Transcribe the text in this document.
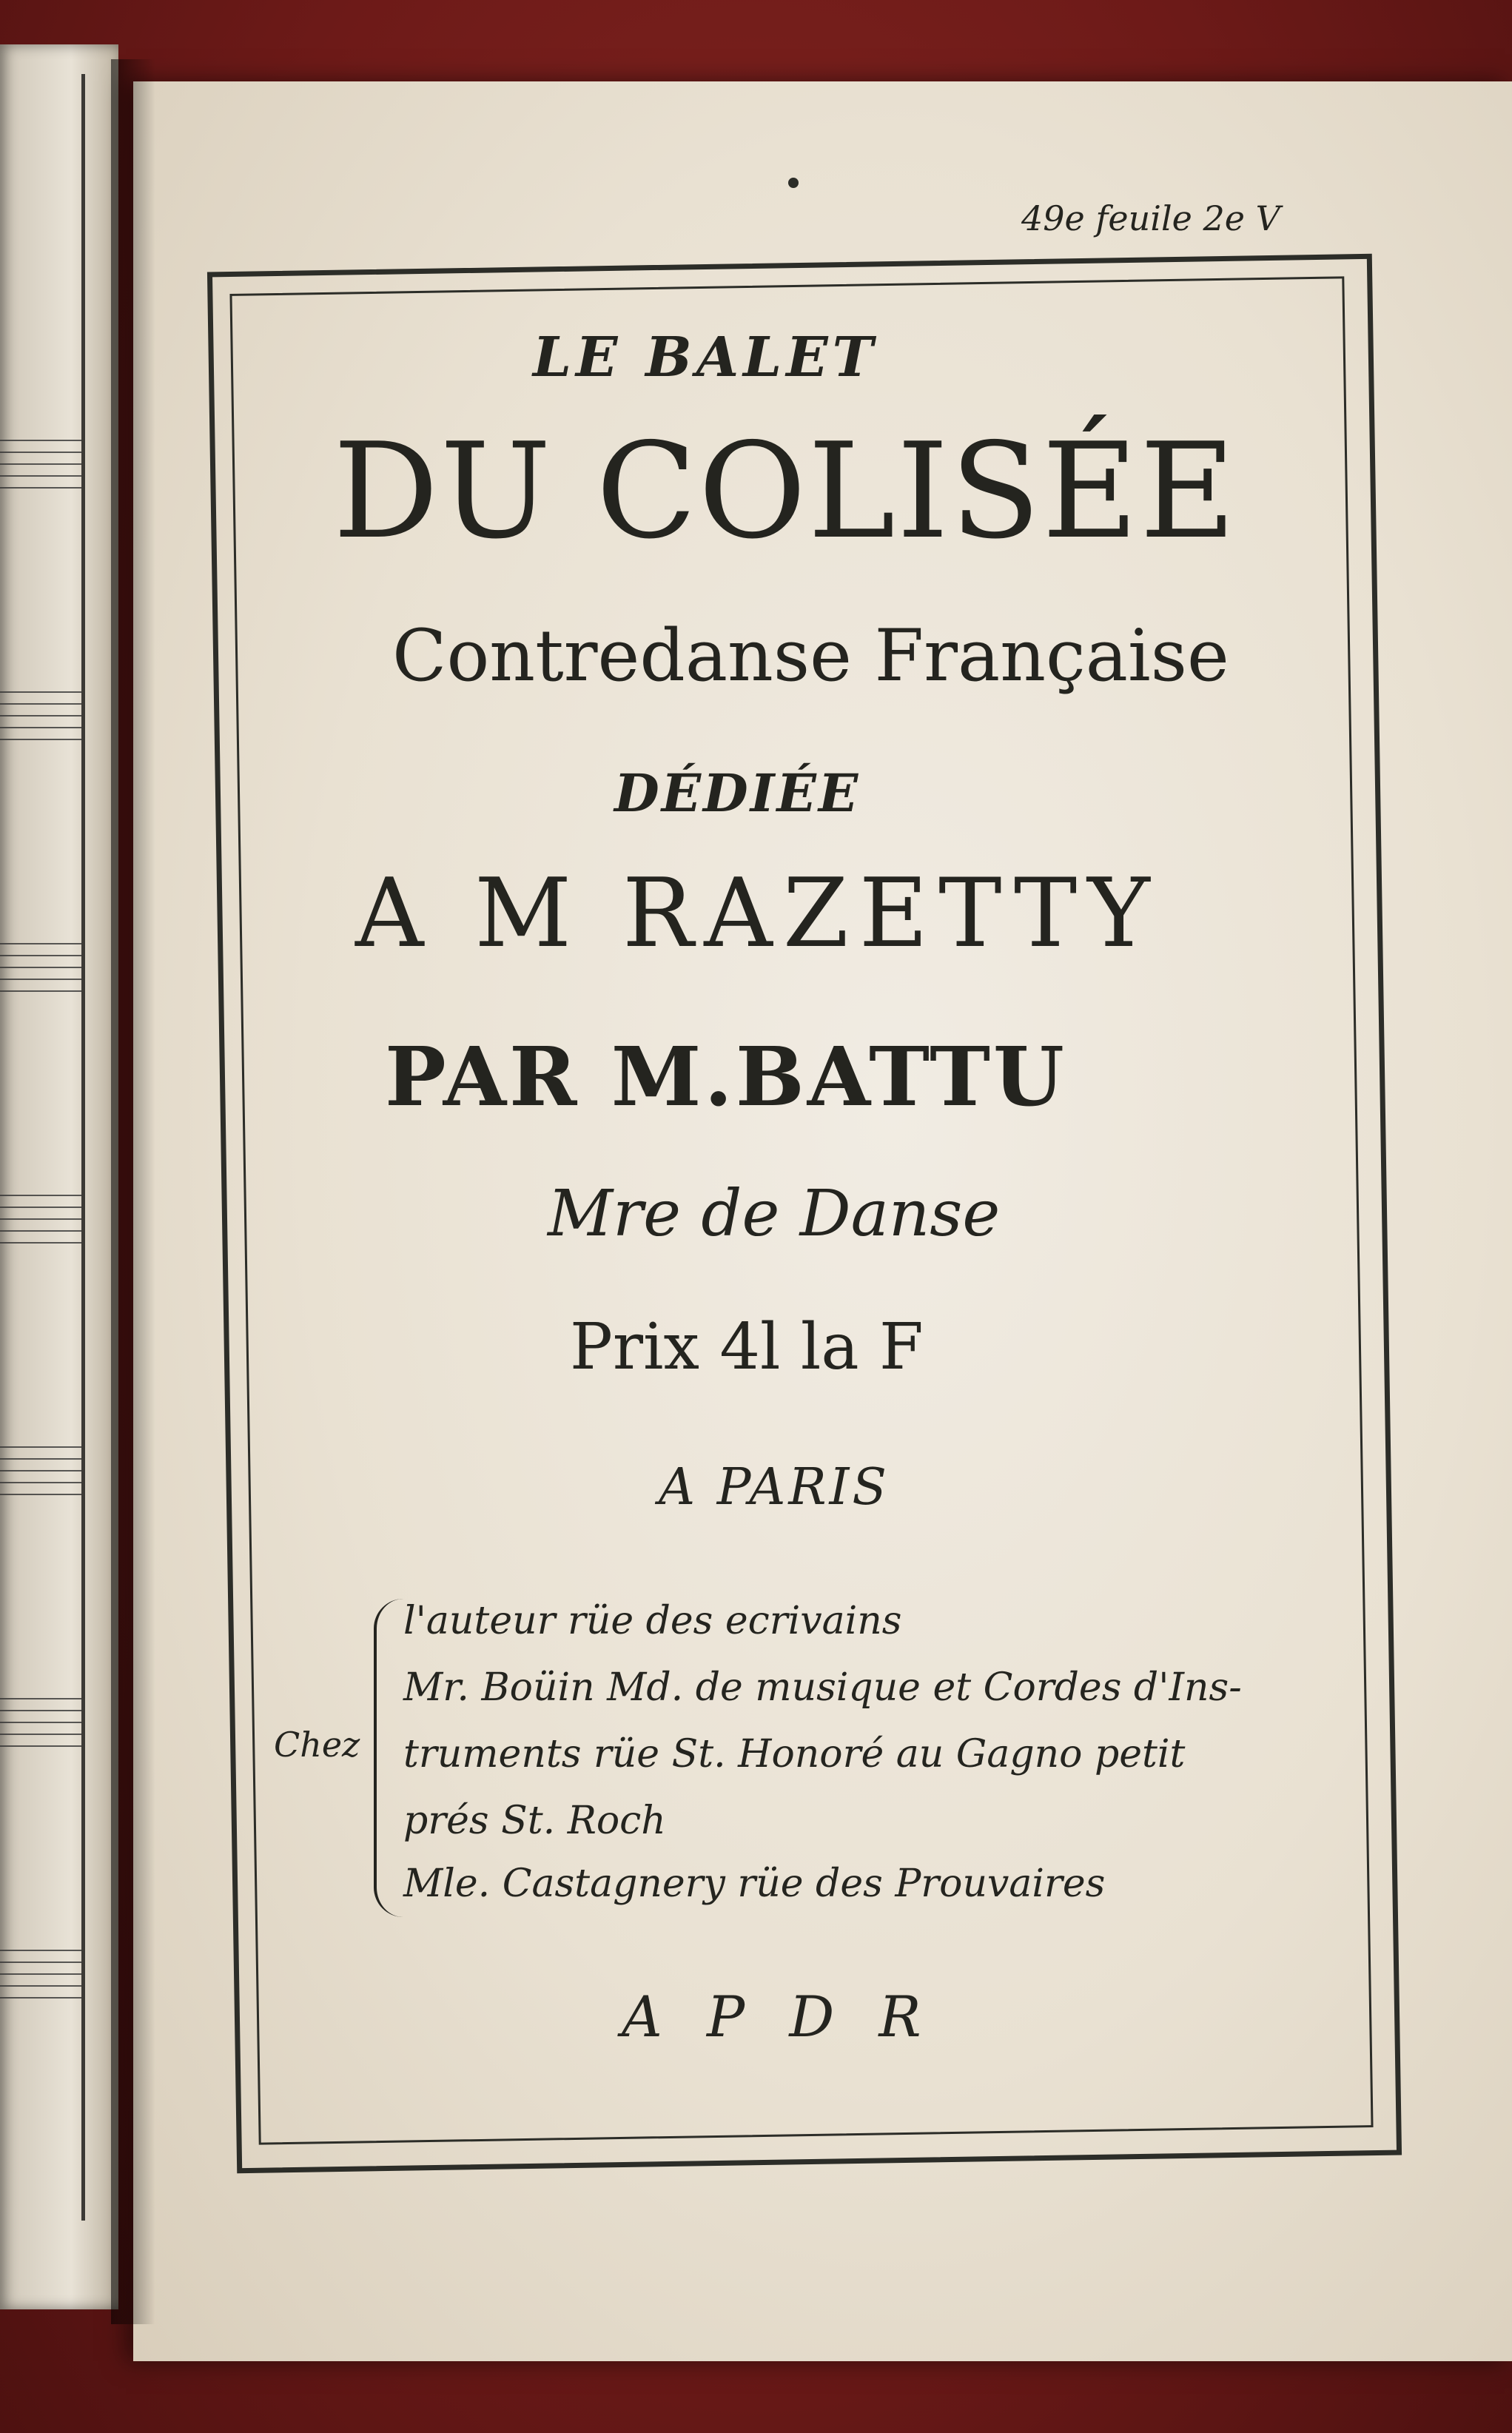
49e feuile 2e V
LE BALET
DU COLISÉE
Contredanse Française
DÉDIÉE
A M RAZETTY
PAR M.BATTU
Mre de Danse
Prix 4l la F
A PARIS
Chez
l'auteur rüe des ecrivains
Mr. Boüin Md. de musique et Cordes d'Ins-
truments rüe St. Honoré au Gagno petit
prés St. Roch
Mle. Castagnery rüe des Prouvaires
A P D R
